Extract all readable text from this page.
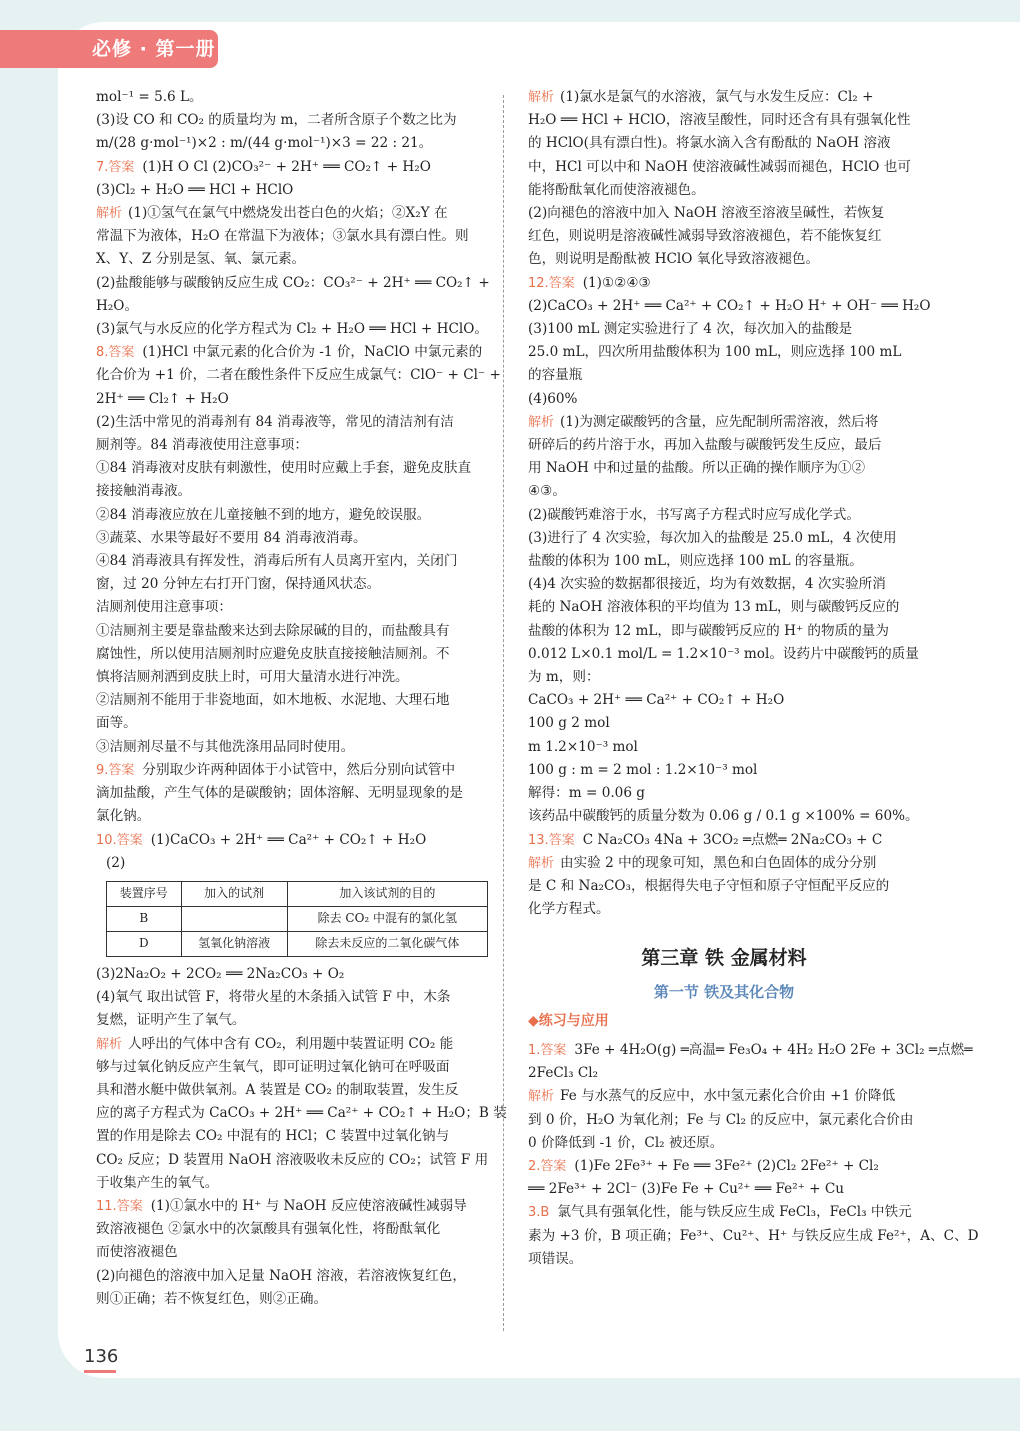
必修 · 第一册
mol⁻¹ = 5.6 L。
(3)设 CO 和 CO₂ 的质量均为 m，二者所含原子个数之比为
m/(28 g·mol⁻¹)×2 : m/(44 g·mol⁻¹)×3 = 22 : 21。
7.答案 (1)H O Cl (2)CO₃²⁻ + 2H⁺ ══ CO₂↑ + H₂O
(3)Cl₂ + H₂O ══ HCl + HClO
解析 (1)①氢气在氯气中燃烧发出苍白色的火焰；②X₂Y 在
常温下为液体，H₂O 在常温下为液体；③氯水具有漂白性。则
X、Y、Z 分别是氢、氧、氯元素。
(2)盐酸能够与碳酸钠反应生成 CO₂：CO₃²⁻ + 2H⁺ ══ CO₂↑ +
H₂O。
(3)氯气与水反应的化学方程式为 Cl₂ + H₂O ══ HCl + HClO。
8.答案 (1)HCl 中氯元素的化合价为 -1 价，NaClO 中氯元素的
化合价为 +1 价，二者在酸性条件下反应生成氯气：ClO⁻ + Cl⁻ +
2H⁺ ══ Cl₂↑ + H₂O
(2)生活中常见的消毒剂有 84 消毒液等，常见的清洁剂有洁
厕剂等。84 消毒液使用注意事项：
①84 消毒液对皮肤有刺激性，使用时应戴上手套，避免皮肤直
接接触消毒液。
②84 消毒液应放在儿童接触不到的地方，避免皎误服。
③蔬菜、水果等最好不要用 84 消毒液消毒。
④84 消毒液具有挥发性，消毒后所有人员离开室内，关闭门
窗，过 20 分钟左右打开门窗，保持通风状态。
洁厕剂使用注意事项：
①洁厕剂主要是靠盐酸来达到去除尿碱的目的，而盐酸具有
腐蚀性，所以使用洁厕剂时应避免皮肤直接接触洁厕剂。不
慎将洁厕剂洒到皮肤上时，可用大量清水进行冲洗。
②洁厕剂不能用于非瓷地面，如木地板、水泥地、大理石地
面等。
③洁厕剂尽量不与其他洗涤用品同时使用。
9.答案 分别取少许两种固体于小试管中，然后分别向试管中
滴加盐酸，产生气体的是碳酸钠；固体溶解、无明显现象的是
氯化钠。
10.答案 (1)CaCO₃ + 2H⁺ ══ Ca²⁺ + CO₂↑ + H₂O
(2)
装置序号	加入的试剂	加入该试剂的目的
B		除去 CO₂ 中混有的氯化氢
D	氢氧化钠溶液	除去未反应的二氧化碳气体
(3)2Na₂O₂ + 2CO₂ ══ 2Na₂CO₃ + O₂
(4)氧气 取出试管 F，将带火星的木条插入试管 F 中，木条
复燃，证明产生了氧气。
解析 人呼出的气体中含有 CO₂，利用题中装置证明 CO₂ 能
够与过氧化钠反应产生氧气，即可证明过氧化钠可在呼吸面
具和潜水艇中做供氧剂。A 装置是 CO₂ 的制取装置，发生反
应的离子方程式为 CaCO₃ + 2H⁺ ══ Ca²⁺ + CO₂↑ + H₂O；B 装
置的作用是除去 CO₂ 中混有的 HCl；C 装置中过氧化钠与
CO₂ 反应；D 装置用 NaOH 溶液吸收未反应的 CO₂；试管 F 用
于收集产生的氧气。
11.答案 (1)①氯水中的 H⁺ 与 NaOH 反应使溶液碱性减弱导
致溶液褪色 ②氯水中的次氯酸具有强氧化性，将酚酞氧化
而使溶液褪色
(2)向褪色的溶液中加入足量 NaOH 溶液，若溶液恢复红色，
则①正确；若不恢复红色，则②正确。
解析 (1)氯水是氯气的水溶液，氯气与水发生反应：Cl₂ +
H₂O ══ HCl + HClO，溶液呈酸性，同时还含有具有强氧化性
的 HClO(具有漂白性)。将氯水滴入含有酚酞的 NaOH 溶液
中，HCl 可以中和 NaOH 使溶液碱性减弱而褪色，HClO 也可
能将酚酞氧化而使溶液褪色。
(2)向褪色的溶液中加入 NaOH 溶液至溶液呈碱性，若恢复
红色，则说明是溶液碱性减弱导致溶液褪色，若不能恢复红
色，则说明是酚酞被 HClO 氧化导致溶液褪色。
12.答案 (1)①②④③
(2)CaCO₃ + 2H⁺ ══ Ca²⁺ + CO₂↑ + H₂O H⁺ + OH⁻ ══ H₂O
(3)100 mL 测定实验进行了 4 次，每次加入的盐酸是
25.0 mL，四次所用盐酸体积为 100 mL，则应选择 100 mL
的容量瓶
(4)60%
解析 (1)为测定碳酸钙的含量，应先配制所需溶液，然后将
研碎后的药片溶于水，再加入盐酸与碳酸钙发生反应，最后
用 NaOH 中和过量的盐酸。所以正确的操作顺序为①②
④③。
(2)碳酸钙难溶于水，书写离子方程式时应写成化学式。
(3)进行了 4 次实验，每次加入的盐酸是 25.0 mL，4 次使用
盐酸的体积为 100 mL，则应选择 100 mL 的容量瓶。
(4)4 次实验的数据都很接近，均为有效数据，4 次实验所消
耗的 NaOH 溶液体积的平均值为 13 mL，则与碳酸钙反应的
盐酸的体积为 12 mL，即与碳酸钙反应的 H⁺ 的物质的量为
0.012 L×0.1 mol/L = 1.2×10⁻³ mol。设药片中碳酸钙的质量
为 m，则：
CaCO₃ + 2H⁺ ══ Ca²⁺ + CO₂↑ + H₂O
100 g 2 mol
m 1.2×10⁻³ mol
100 g : m = 2 mol : 1.2×10⁻³ mol
解得：m = 0.06 g
该药品中碳酸钙的质量分数为 0.06 g / 0.1 g ×100% = 60%。
13.答案 C Na₂CO₃ 4Na + 3CO₂ ═点燃═ 2Na₂CO₃ + C
解析 由实验 2 中的现象可知，黑色和白色固体的成分分别
是 C 和 Na₂CO₃，根据得失电子守恒和原子守恒配平反应的
化学方程式。
第三章 铁 金属材料
第一节 铁及其化合物
◆练习与应用
1.答案 3Fe + 4H₂O(g) ═高温═ Fe₃O₄ + 4H₂ H₂O 2Fe + 3Cl₂ ═点燃═
2FeCl₃ Cl₂
解析 Fe 与水蒸气的反应中，水中氢元素化合价由 +1 价降低
到 0 价，H₂O 为氧化剂；Fe 与 Cl₂ 的反应中，氯元素化合价由
0 价降低到 -1 价，Cl₂ 被还原。
2.答案 (1)Fe 2Fe³⁺ + Fe ══ 3Fe²⁺ (2)Cl₂ 2Fe²⁺ + Cl₂
══ 2Fe³⁺ + 2Cl⁻ (3)Fe Fe + Cu²⁺ ══ Fe²⁺ + Cu
3.B 氯气具有强氧化性，能与铁反应生成 FeCl₃，FeCl₃ 中铁元
素为 +3 价，B 项正确；Fe³⁺、Cu²⁺、H⁺ 与铁反应生成 Fe²⁺，A、C、D
项错误。
136
